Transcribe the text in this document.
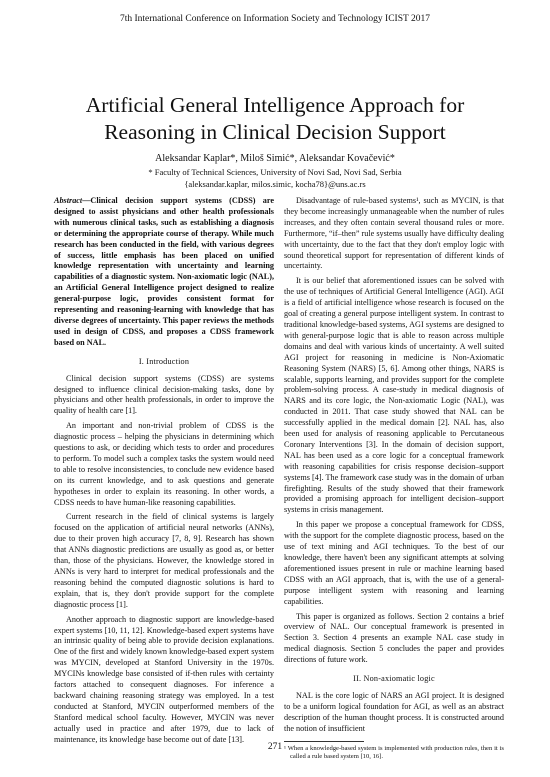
7th International Conference on Information Society and Technology ICIST 2017
Artificial General Intelligence Approach for Reasoning in Clinical Decision Support
Aleksandar Kaplar*, Miloš Simić*, Aleksandar Kovačević*
* Faculty of Technical Sciences, University of Novi Sad, Novi Sad, Serbia
{aleksandar.kaplar, milos.simic, kocha78}@uns.ac.rs

Abstract—Clinical decision support systems (CDSS) are designed to assist physicians and other health professionals with numerous clinical tasks, such as establishing a diagnosis or determining the appropriate course of therapy. While much research has been conducted in the field, with various degrees of success, little emphasis has been placed on unified knowledge representation with uncertainty and learning capabilities of a diagnostic system. Non-axiomatic logic (NAL), an Artificial General Intelligence project designed to realize general-purpose logic, provides consistent format for representing and reasoning-learning with knowledge that has diverse degrees of uncertainty. This paper reviews the methods used in design of CDSS, and proposes a CDSS framework based on NAL.

I. Introduction

Clinical decision support systems (CDSS) are systems designed to influence clinical decision-making tasks, done by physicians and other health professionals, in order to improve the quality of health care [1].

An important and non-trivial problem of CDSS is the diagnostic process – helping the physicians in determining which questions to ask, or deciding which tests to order and procedures to perform. To model such a complex tasks the system would need to able to resolve inconsistencies, to conclude new evidence based on its current knowledge, and to ask questions and generate hypotheses in order to explain its reasoning. In other words, a CDSS needs to have human-like reasoning capabilities.

Current research in the field of clinical systems is largely focused on the application of artificial neural networks (ANNs), due to their proven high accuracy [7, 8, 9]. Research has shown that ANNs diagnostic predictions are usually as good as, or better than, those of the physicians. However, the knowledge stored in ANNs is very hard to interpret for medical professionals and the reasoning behind the computed diagnostic solutions is hard to explain, that is, they don't provide support for the complete diagnostic process [1].

Another approach to diagnostic support are knowledge-based expert systems [10, 11, 12]. Knowledge-based expert systems have an intrinsic quality of being able to provide decision explanations. One of the first and widely known knowledge-based expert system was MYCIN, developed at Stanford University in the 1970s. MYCINs knowledge base consisted of if-then rules with certainty factors attached to consequent diagnoses. For inference a backward chaining reasoning strategy was employed. In a test conducted at Stanford, MYCIN outperformed members of the Stanford medical school faculty. However, MYCIN was never actually used in practice and after 1979, due to lack of maintenance, its knowledge base become out of date [13].

Disadvantage of rule-based systems¹, such as MYCIN, is that they become increasingly unmanageable when the number of rules increases, and they often contain several thousand rules or more. Furthermore, “if–then” rule systems usually have difficulty dealing with uncertainty, due to the fact that they don't employ logic with sound theoretical support for representation of different kinds of uncertainty.

It is our belief that aforementioned issues can be solved with the use of techniques of Artificial General Intelligence (AGI). AGI is a field of artificial intelligence whose research is focused on the goal of creating a general purpose intelligent system. In contrast to traditional knowledge-based systems, AGI systems are designed to with general-purpose logic that is able to reason across multiple domains and deal with various kinds of uncertainty. A well suited AGI project for reasoning in medicine is Non-Axiomatic Reasoning System (NARS) [5, 6]. Among other things, NARS is scalable, supports learning, and provides support for the complete problem-solving process. A case-study in medical diagnosis of NARS and its core logic, the Non-axiomatic Logic (NAL), was conducted in 2011. That case study showed that NAL can be successfully applied in the medical domain [2]. NAL has, also been used for analysis of reasoning applicable to Percutaneous Coronary Interventions [3]. In the domain of decision support, NAL has been used as a core logic for a conceptual framework with reasoning capabilities for crisis response decision–support systems [4]. The framework case study was in the domain of urban firefighting. Results of the study showed that their framework provided a promising approach for intelligent decision–support systems in crisis management.

In this paper we propose a conceptual framework for CDSS, with the support for the complete diagnostic process, based on the use of text mining and AGI techniques. To the best of our knowledge, there haven't been any significant attempts at solving aforementioned issues present in rule or machine learning based CDSS with an AGI approach, that is, with the use of a general-purpose intelligent system with reasoning and learning capabilities.

This paper is organized as follows. Section 2 contains a brief overview of NAL. Our conceptual framework is presented in Section 3. Section 4 presents an example NAL case study in medical diagnosis. Section 5 concludes the paper and provides directions of future work.

II. Non-axiomatic logic

NAL is the core logic of NARS an AGI project. It is designed to be a uniform logical foundation for AGI, as well as an abstract description of the human thought process. It is constructed around the notion of insufficient

¹ When a knowledge-based system is implemented with production rules, then it is called a rule based system [10, 16].
271
